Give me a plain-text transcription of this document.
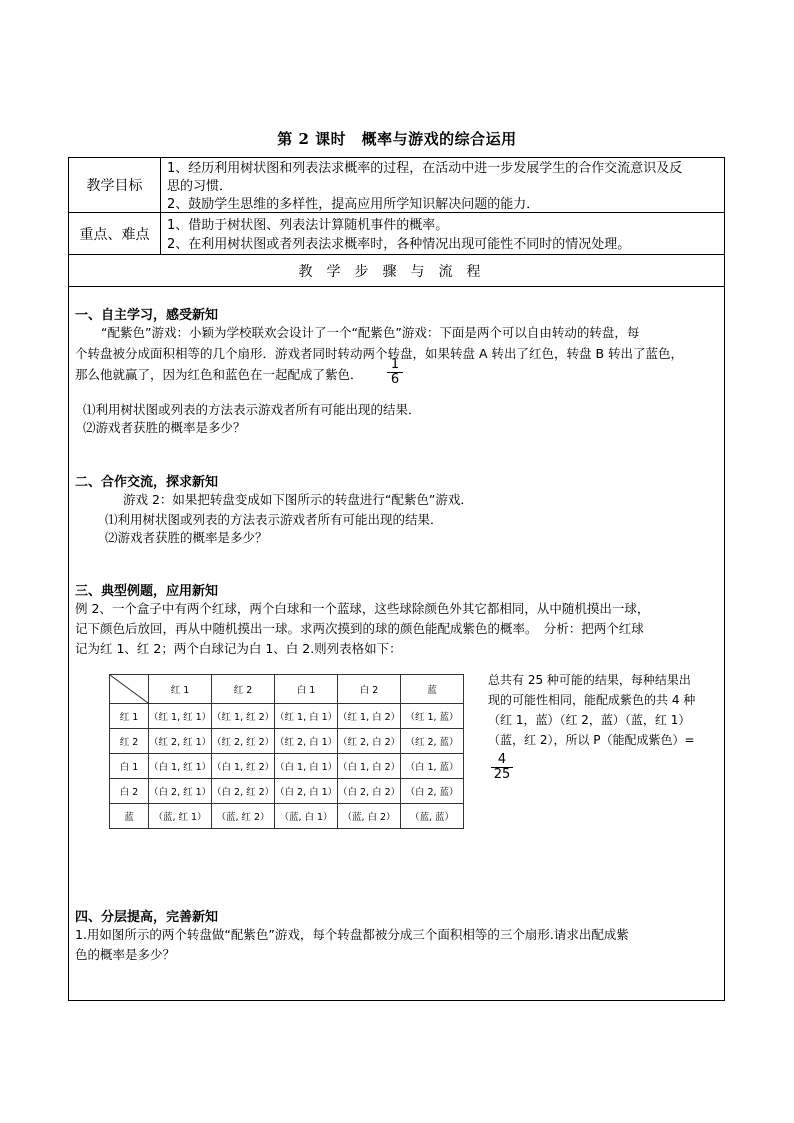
第 2 课时　概率与游戏的综合运用
教学目标
1、经历利用树状图和列表法求概率的过程，在活动中进一步发展学生的合作交流意识及反
思的习惯．
2、鼓励学生思维的多样性，提高应用所学知识解决问题的能力．
重点、难点
1、借助于树状图、列表法计算随机事件的概率。
2、在利用树状图或者列表法求概率时，各种情况出现可能性不同时的情况处理。
教学步骤与流程
一、自主学习，感受新知
“配紫色”游戏：小颖为学校联欢会设计了一个“配紫色”游戏：下面是两个可以自由转动的转盘，每
个转盘被分成面积相等的几个扇形．游戏者同时转动两个转盘，如果转盘 A 转出了红色，转盘 B 转出了蓝色，
那么他就赢了，因为红色和蓝色在一起配成了紫色．	$\frac{1}{6}$
⑴利用树状图或列表的方法表示游戏者所有可能出现的结果．
⑵游戏者获胜的概率是多少？
二、合作交流，探求新知
游戏 2：如果把转盘变成如下图所示的转盘进行“配紫色”游戏．
⑴利用树状图或列表的方法表示游戏者所有可能出现的结果．
⑵游戏者获胜的概率是多少？
三、典型例题，应用新知
例 2、一个盒子中有两个红球，两个白球和一个蓝球，这些球除颜色外其它都相同，从中随机摸出一球，
记下颜色后放回，再从中随机摸出一球。求两次摸到的球的颜色能配成紫色的概率。　分析：把两个红球
记为红 1、红 2；两个白球记为白 1、白 2.则列表格如下：
	红 1	红 2	白 1	白 2	蓝
红 1	（红 1, 红 1）	（红 1, 红 2）	（红 1, 白 1）	（红 1, 白 2）	（红 1, 蓝）
红 2	（红 2, 红 1）	（红 2, 红 2）	（红 2, 白 1）	（红 2, 白 2）	（红 2, 蓝）
白 1	（白 1, 红 1）	（白 1, 红 2）	（白 1, 白 1）	（白 1, 白 2）	（白 1, 蓝）
白 2	（白 2, 红 1）	（白 2, 红 2）	（白 2, 白 1）	（白 2, 白 2）	（白 2, 蓝）
蓝	（蓝, 红 1）	（蓝, 红 2）	（蓝, 白 1）	（蓝, 白 2）	（蓝, 蓝）
总共有 25 种可能的结果，每种结果出
现的可能性相同，能配成紫色的共 4 种
（红 1，蓝）（红 2，蓝）（蓝，红 1）
（蓝，红 2），所以 P（能配成紫色）=
$\frac{4}{25}$
四、分层提高，完善新知
1.用如图所示的两个转盘做“配紫色”游戏，每个转盘都被分成三个面积相等的三个扇形.请求出配成紫
色的概率是多少？
